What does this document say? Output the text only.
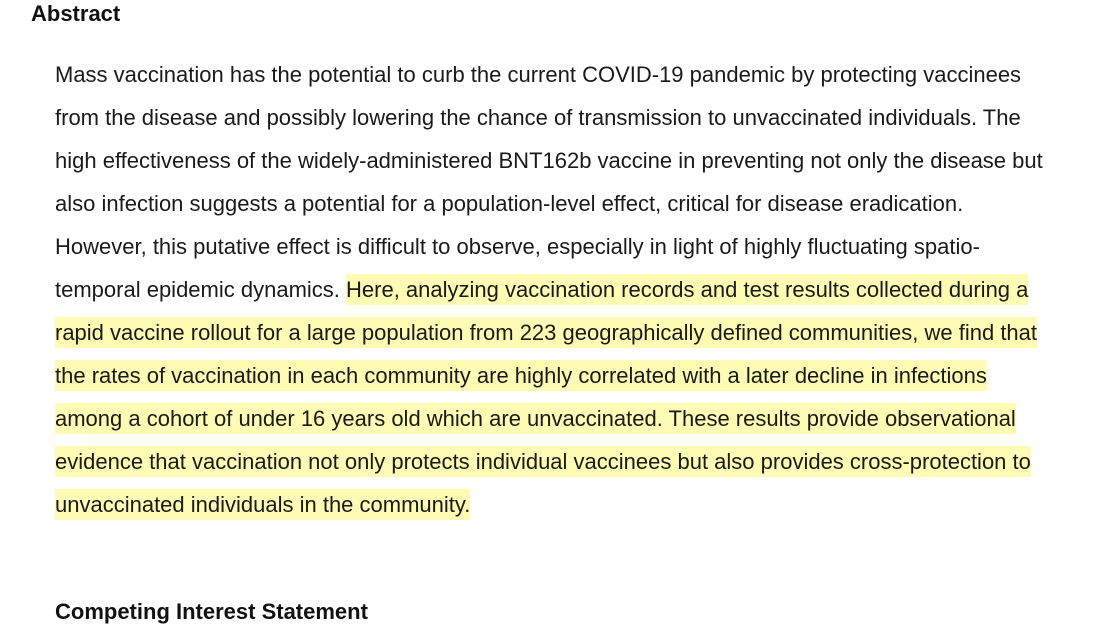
Abstract

Mass vaccination has the potential to curb the current COVID-19 pandemic by protecting vaccinees from the disease and possibly lowering the chance of transmission to unvaccinated individuals. The high effectiveness of the widely-administered BNT162b vaccine in preventing not only the disease but also infection suggests a potential for a population-level effect, critical for disease eradication. However, this putative effect is difficult to observe, especially in light of highly fluctuating spatio-temporal epidemic dynamics. Here, analyzing vaccination records and test results collected during a rapid vaccine rollout for a large population from 223 geographically defined communities, we find that the rates of vaccination in each community are highly correlated with a later decline in infections among a cohort of under 16 years old which are unvaccinated. These results provide observational evidence that vaccination not only protects individual vaccinees but also provides cross-protection to unvaccinated individuals in the community.

Competing Interest Statement
